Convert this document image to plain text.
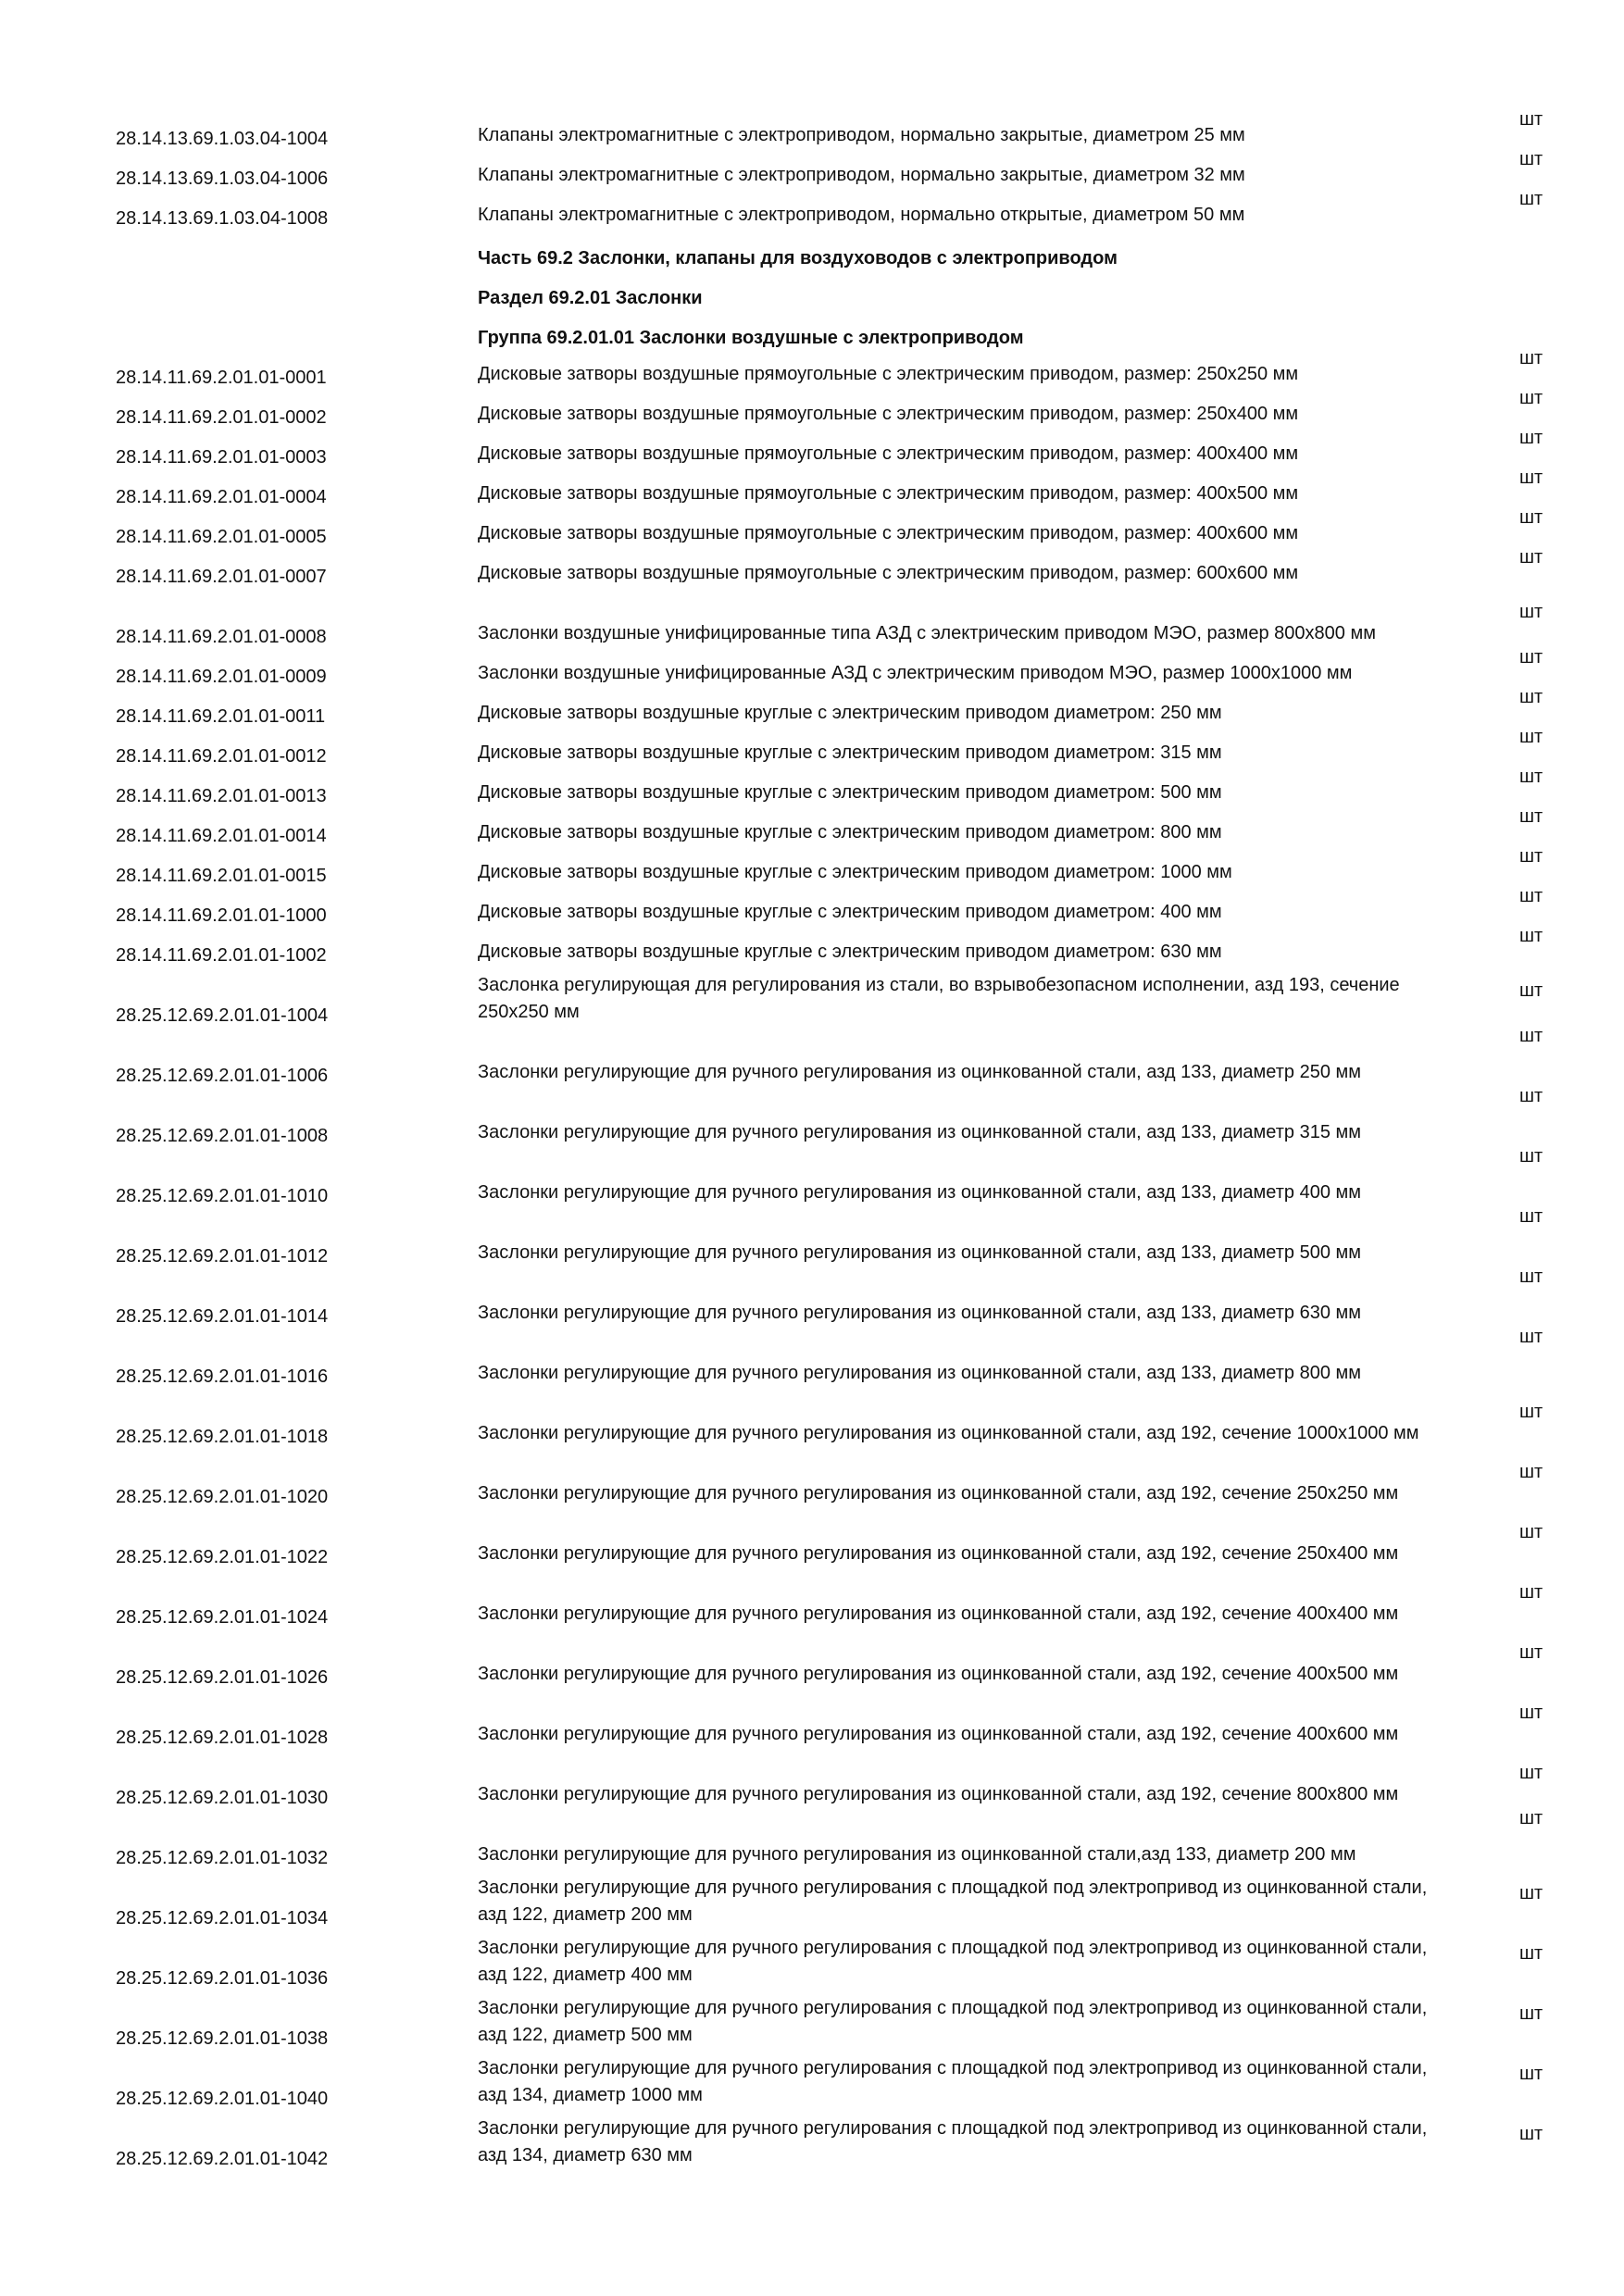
28.14.13.69.1.03.04-1004	Клапаны электромагнитные с электроприводом, нормально закрытые, диаметром 25 мм
шт
28.14.13.69.1.03.04-1006	Клапаны электромагнитные с электроприводом, нормально закрытые, диаметром 32 мм
шт
28.14.13.69.1.03.04-1008	Клапаны электромагнитные с электроприводом, нормально открытые, диаметром 50 мм
шт
Часть 69.2 Заслонки, клапаны для воздуховодов с электроприводом
Раздел 69.2.01 Заслонки
Группа 69.2.01.01 Заслонки воздушные с электроприводом
28.14.11.69.2.01.01-0001	Дисковые затворы воздушные прямоугольные с электрическим приводом, размер: 250х250 мм
шт
28.14.11.69.2.01.01-0002	Дисковые затворы воздушные прямоугольные с электрическим приводом, размер: 250х400 мм
шт
28.14.11.69.2.01.01-0003	Дисковые затворы воздушные прямоугольные с электрическим приводом, размер: 400х400 мм
шт
28.14.11.69.2.01.01-0004	Дисковые затворы воздушные прямоугольные с электрическим приводом, размер: 400х500 мм
шт
28.14.11.69.2.01.01-0005	Дисковые затворы воздушные прямоугольные с электрическим приводом, размер: 400х600 мм
шт
28.14.11.69.2.01.01-0007	Дисковые затворы воздушные прямоугольные с электрическим приводом, размер: 600х600 мм
шт
28.14.11.69.2.01.01-0008	Заслонки воздушные унифицированные типа АЗД с электрическим приводом МЭО, размер 800х800 мм
шт
28.14.11.69.2.01.01-0009	Заслонки воздушные унифицированные АЗД с электрическим приводом МЭО, размер 1000х1000 мм
шт
28.14.11.69.2.01.01-0011	Дисковые затворы воздушные круглые с электрическим приводом диаметром: 250 мм
шт
28.14.11.69.2.01.01-0012	Дисковые затворы воздушные круглые с электрическим приводом диаметром: 315 мм
шт
28.14.11.69.2.01.01-0013	Дисковые затворы воздушные круглые с электрическим приводом диаметром: 500 мм
шт
28.14.11.69.2.01.01-0014	Дисковые затворы воздушные круглые с электрическим приводом диаметром: 800 мм
шт
28.14.11.69.2.01.01-0015	Дисковые затворы воздушные круглые с электрическим приводом диаметром: 1000 мм
шт
28.14.11.69.2.01.01-1000	Дисковые затворы воздушные круглые с электрическим приводом диаметром: 400 мм
шт
28.14.11.69.2.01.01-1002	Дисковые затворы воздушные круглые с электрическим приводом диаметром: 630 мм
шт
28.25.12.69.2.01.01-1004
Заслонка регулирующая для регулирования из стали, во взрывобезопасном исполнении, азд 193, сечение 250х250 мм
шт
28.25.12.69.2.01.01-1006	Заслонки регулирующие для ручного регулирования из оцинкованной стали, азд 133, диаметр 250 мм
шт
28.25.12.69.2.01.01-1008	Заслонки регулирующие для ручного регулирования из оцинкованной стали, азд 133, диаметр 315 мм
шт
28.25.12.69.2.01.01-1010	Заслонки регулирующие для ручного регулирования из оцинкованной стали, азд 133, диаметр 400 мм
шт
28.25.12.69.2.01.01-1012	Заслонки регулирующие для ручного регулирования из оцинкованной стали, азд 133, диаметр 500 мм
шт
28.25.12.69.2.01.01-1014	Заслонки регулирующие для ручного регулирования из оцинкованной стали, азд 133, диаметр 630 мм
шт
28.25.12.69.2.01.01-1016	Заслонки регулирующие для ручного регулирования из оцинкованной стали, азд 133, диаметр 800 мм
шт
28.25.12.69.2.01.01-1018	Заслонки регулирующие для ручного регулирования из оцинкованной стали, азд 192, сечение 1000х1000 мм
шт
28.25.12.69.2.01.01-1020	Заслонки регулирующие для ручного регулирования из оцинкованной стали, азд 192, сечение 250х250 мм
шт
28.25.12.69.2.01.01-1022	Заслонки регулирующие для ручного регулирования из оцинкованной стали, азд 192, сечение 250х400 мм
шт
28.25.12.69.2.01.01-1024	Заслонки регулирующие для ручного регулирования из оцинкованной стали, азд 192, сечение 400х400 мм
шт
28.25.12.69.2.01.01-1026	Заслонки регулирующие для ручного регулирования из оцинкованной стали, азд 192, сечение 400х500 мм
шт
28.25.12.69.2.01.01-1028	Заслонки регулирующие для ручного регулирования из оцинкованной стали, азд 192, сечение 400х600 мм
шт
28.25.12.69.2.01.01-1030	Заслонки регулирующие для ручного регулирования из оцинкованной стали, азд 192, сечение 800х800 мм
шт
28.25.12.69.2.01.01-1032	Заслонки регулирующие для ручного регулирования из оцинкованной стали,азд 133, диаметр 200 мм
шт
28.25.12.69.2.01.01-1034
Заслонки регулирующие для ручного регулирования с площадкой под электропривод из оцинкованной стали, азд 122, диаметр 200 мм
шт
28.25.12.69.2.01.01-1036
Заслонки регулирующие для ручного регулирования с площадкой под электропривод из оцинкованной стали, азд 122, диаметр 400 мм
шт
28.25.12.69.2.01.01-1038
Заслонки регулирующие для ручного регулирования с площадкой под электропривод из оцинкованной стали, азд 122, диаметр 500 мм
шт
28.25.12.69.2.01.01-1040
Заслонки регулирующие для ручного регулирования с площадкой под электропривод из оцинкованной стали, азд 134, диаметр 1000 мм
шт
28.25.12.69.2.01.01-1042
Заслонки регулирующие для ручного регулирования с площадкой под электропривод из оцинкованной стали, азд 134, диаметр 630 мм
шт
